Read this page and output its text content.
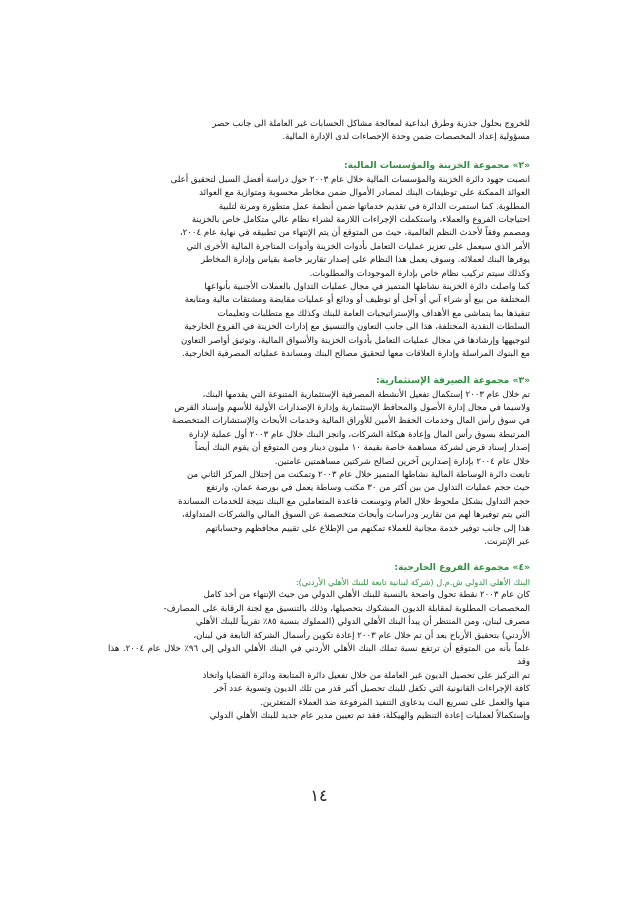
للخروج بحلول جذرية وطرق ابداعية لمعالجة مشاكل الحسابات غير العاملة الى جانب حصر

مسؤولية إعداد المخصصات ضمن وحدة الإحصاءات لدى الإدارة المالية.

«٢» مجموعة الخزينة والمؤسسات المالية:

انصبت جهود دائرة الخزينة والمؤسسات المالية خلال عام ٢٠٠٣ حول دراسة أفضل السبل لتحقيق أعلى

العوائد الممكنة على توظيفات البنك لمصادر الأموال ضمن مخاطر محسوبة ومتوازية مع العوائد

المطلوبة. كما استمرت الدائرة في تقديم خدماتها ضمن أنظمة عمل متطورة ومرنة لتلبية

احتياجات الفروع والعملاء، واستكملت الإجراءات اللازمة لشراء نظام عالي متكامل خاص بالخزينة

ومصمم وفقاً لأحدث النظم العالمية، حيث من المتوقع أن يتم الإنتهاء من تطبيقه في نهاية عام ٢٠٠٤،

الأمر الذي سيعمل على تعزيز عمليات التعامل بأدوات الخزينة وأدوات المتاجرة المالية الأخرى التي

يوفرها البنك لعملائه. وسوف يعمل هذا النظام على إصدار تقارير خاصة بقياس وإدارة المخاطر

وكذلك سيتم تركيب نظام خاص بإدارة الموجودات والمطلوبات.

كما واصلت دائرة الخزينة نشاطها المتميز في مجال عمليات التداول بالعملات الأجنبية بأنواعها

المختلفة من بيع أو شراء آني أو آجل أو توظيف أو ودائع أو عمليات مقايضة ومشتقات مالية ومتابعة

تنفيذها بما يتماشى مع الأهداف والإستراتيجيات العامة للبنك وكذلك مع متطلبات وتعليمات

السلطات النقدية المختلفة، هذا الى جانب التعاون والتنسيق مع إدارات الخزينة في الفروع الخارجية

لتوجيهها وإرشادها في مجال عمليات التعامل بأدوات الخزينة والأسواق المالية، وتوثيق أواصر التعاون

مع البنوك المراسلة وإدارة العلاقات معها لتحقيق مصالح البنك ومساندة عملياته المصرفية الخارجية.

«٣» مجموعة الصيرفة الإستثمارية:

تم خلال عام ٢٠٠٣ إستكمال تفعيل الأنشطة المصرفية الإستثمارية المتنوعة التي يقدمها البنك،

ولاسيما في مجال إدارة الأصول والمحافظ الإستثمارية وإدارة الإصدارات الأولية للأسهم وإسناد القرض

في سوق رأس المال وخدمات الحفظ الأمين للأوراق المالية وخدمات الأبحاث والإستشارات المتخصصة

المرتبطة بسوق رأس المال وإعادة هيكلة الشركات، وانجز البنك خلال عام ٢٠٠٣ أول عملية لإدارة

إصدار إسناد قرض لشركة مساهمة خاصة بقيمة ١٠ مليون دينار ومن المتوقع أن يقوم البنك أيضاً

خلال عام ٢٠٠٤ بإدارة إصدارين آخرين لصالح شركتين مساهمتين عامتين.

تابعت دائرة الوساطة المالية نشاطها المتميز خلال عام ٢٠٠٣ وتمكنت من إحتلال المركز الثاني من

حيث حجم عمليات التداول من بين أكثر من ٣٠ مكتب وساطة يعمل في بورصة عمان. وارتفع

حجم التداول بشكل ملحوظ خلال العام وتوسعت قاعدة المتعاملين مع البنك نتيجة للخدمات المساندة

التي يتم توفيرها لهم من تقارير ودراسات وأبحاث متخصصة عن السوق المالي والشركات المتداولة،

هذا إلى جانب توفير خدمة مجانية للعملاء تمكنهم من الإطلاع على تقييم محافظهم وحساباتهم

عبر الإنترنت.

«٤» مجموعة الفروع الخارجية:
البنك الأهلي الدولي ش.م.ل (شركة لبنانية تابعة للبنك الأهلي الأردني):

كان عام ٢٠٠٣ نقطة تحول واضحة بالنسبة للبنك الأهلي الدولي من حيث الإنتهاء من أخذ كامل

المخصصات المطلوبة لمقابلة الديون المشكوك بتحصيلها، وذلك بالتنسيق مع لجنة الرقابة على المصارف-

مصرف لبنان، ومن المنتظر أن يبدأ البنك الأهلي الدولي (المملوك بنسبة ٨٥٪ تقريباً للبنك الأهلي

الأردني) بتحقيق الأرباح بعد أن تم خلال عام ٢٠٠٣ إعادة تكوين رأسمال الشركة التابعة في لبنان،

علماً بأنه من المتوقع أن ترتفع نسبة تملك البنك الأهلي الأردني في البنك الأهلي الدولي إلى ٩٦٪ خلال عام ٢٠٠٤. هذا وقد

تم التركيز على تحصيل الديون غير العاملة من خلال تفعيل دائرة المتابعة ودائرة القضايا واتخاذ

كافة الإجراءات القانونية التي تكفل للبنك تحصيل أكبر قدر من تلك الديون وتسوية عدد آخر

منها والعمل على تسريع البت بدعاوى التنفيذ المرفوعة ضد العملاء المتعثرين.

وإستكمالاً لعمليات إعادة التنظيم والهيكلة، فقد تم تعيين مدير عام جديد للبنك الأهلي الدولي

١٤
